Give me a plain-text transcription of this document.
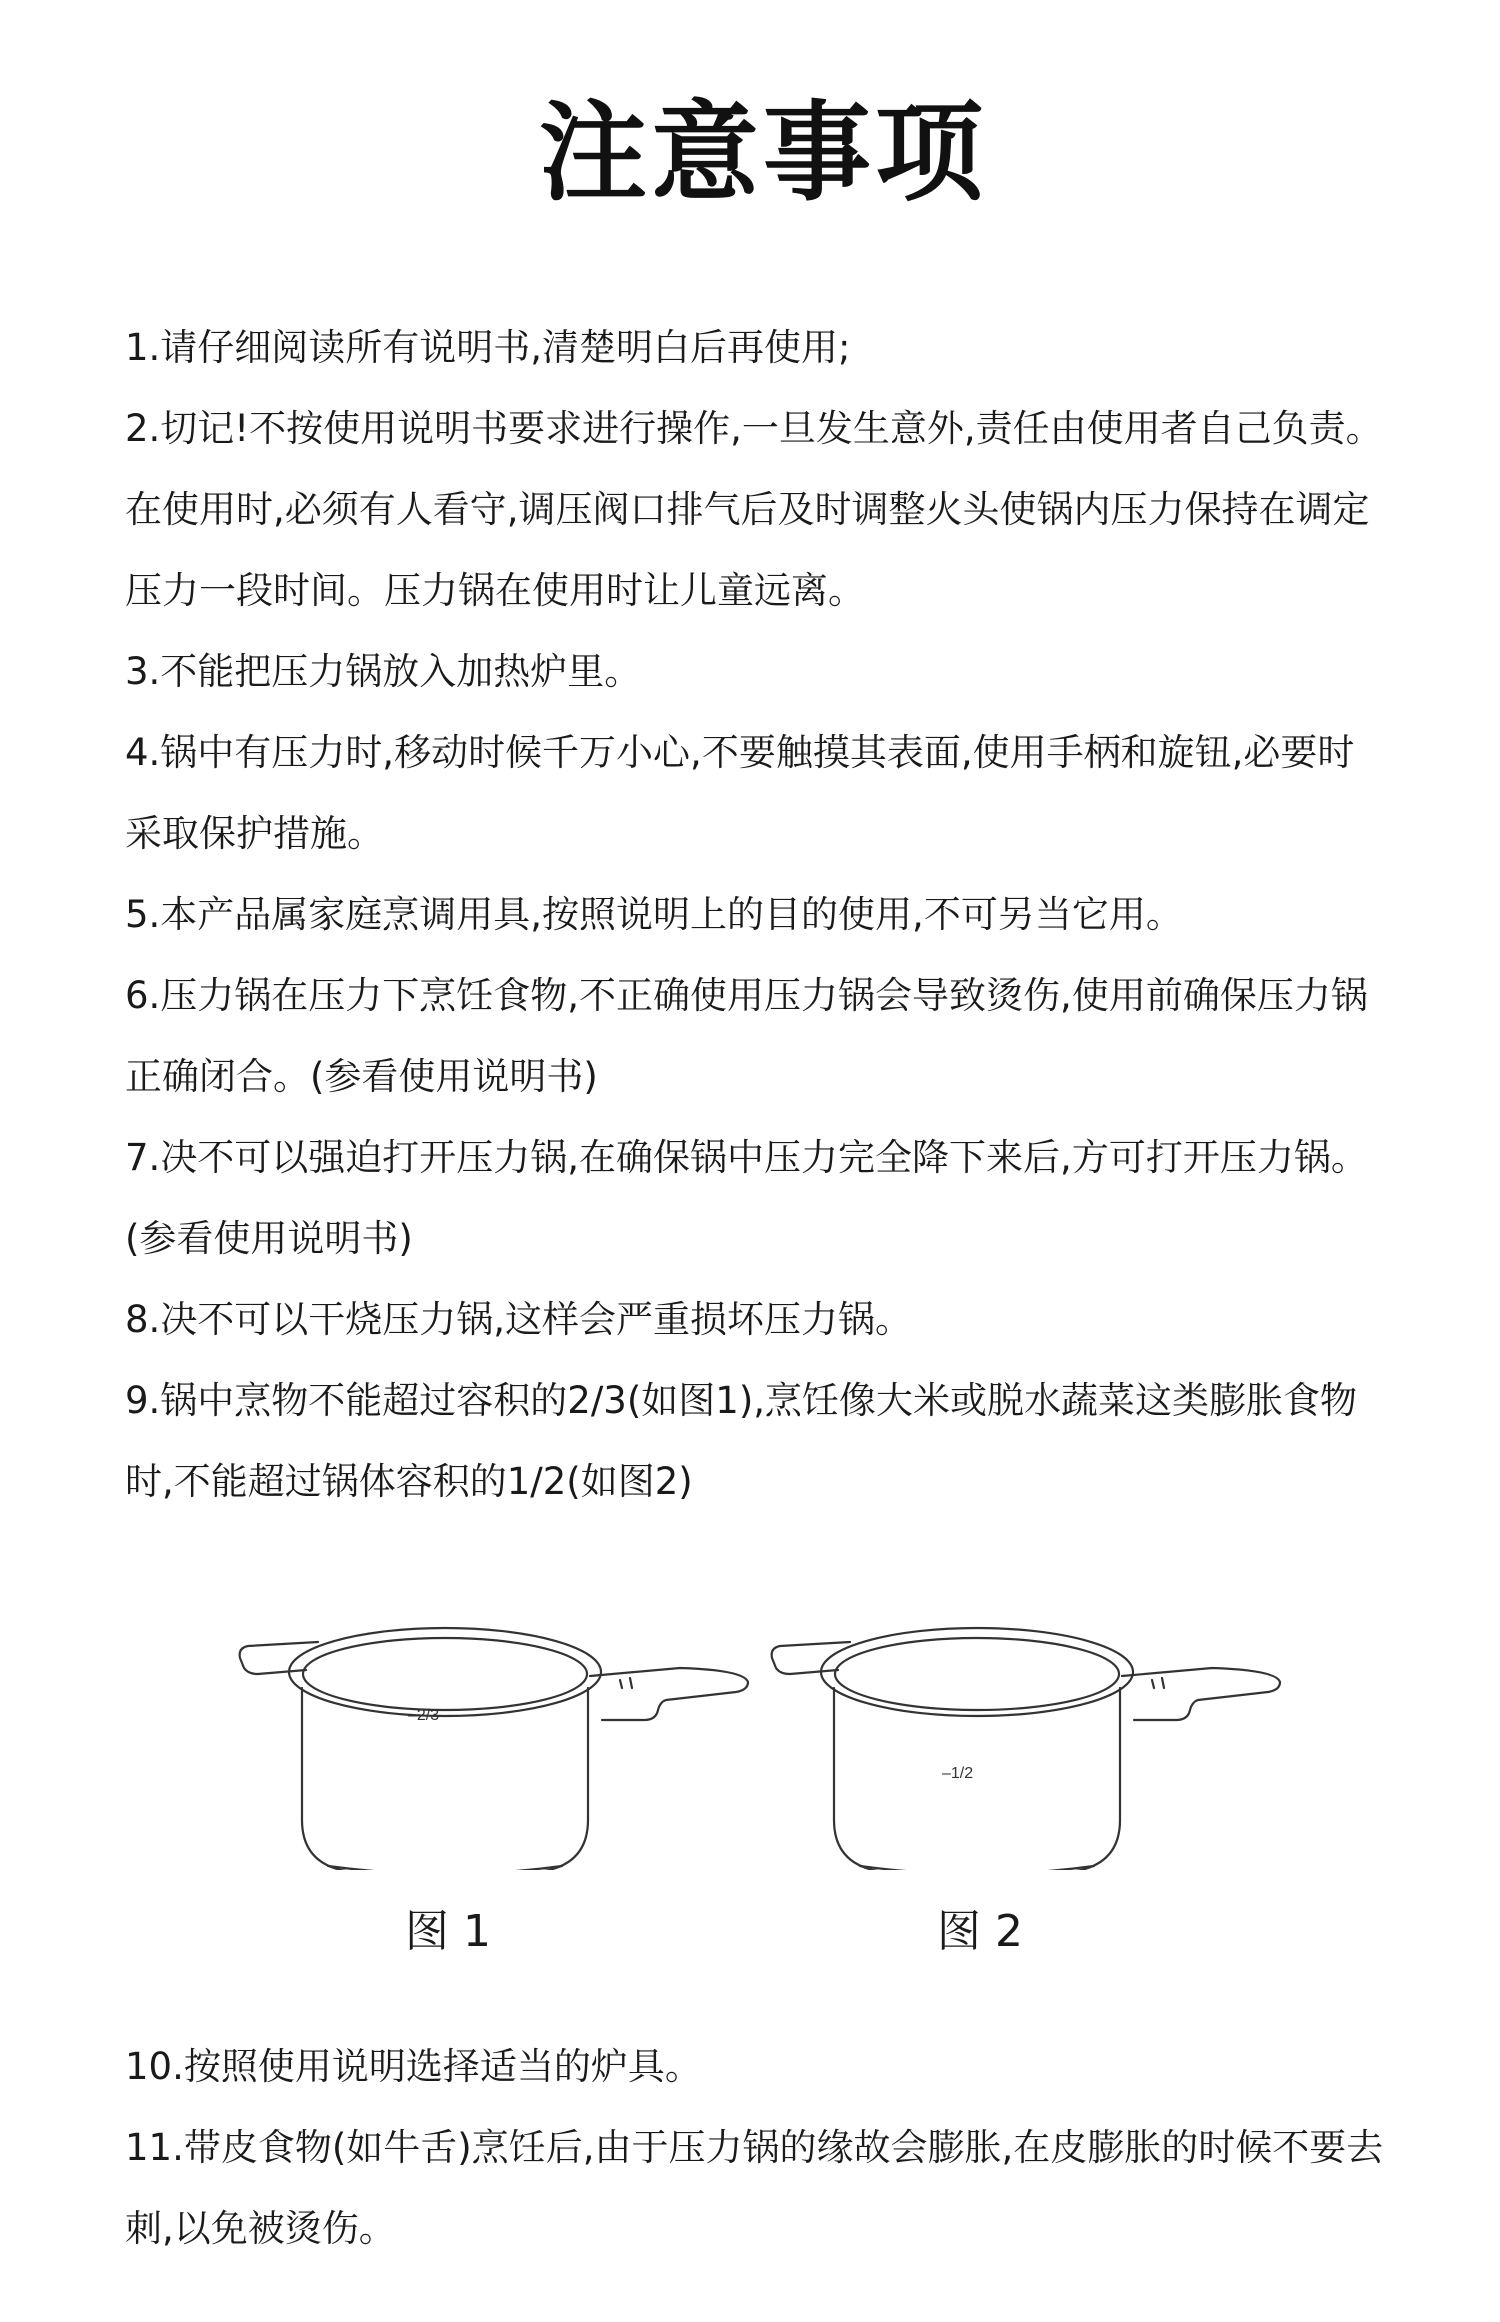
注意事项
1.请仔细阅读所有说明书,清楚明白后再使用;
2.切记!不按使用说明书要求进行操作,一旦发生意外,责任由使用者自己负责。
在使用时,必须有人看守,调压阀口排气后及时调整火头使锅内压力保持在调定
压力一段时间。压力锅在使用时让儿童远离。
3.不能把压力锅放入加热炉里。
4.锅中有压力时,移动时候千万小心,不要触摸其表面,使用手柄和旋钮,必要时
采取保护措施。
5.本产品属家庭烹调用具,按照说明上的目的使用,不可另当它用。
6.压力锅在压力下烹饪食物,不正确使用压力锅会导致烫伤,使用前确保压力锅
正确闭合。(参看使用说明书)
7.决不可以强迫打开压力锅,在确保锅中压力完全降下来后,方可打开压力锅。
(参看使用说明书)
8.决不可以干烧压力锅,这样会严重损坏压力锅。
9.锅中烹物不能超过容积的2/3(如图1),烹饪像大米或脱水蔬菜这类膨胀食物
时,不能超过锅体容积的1/2(如图2)
10.按照使用说明选择适当的炉具。
11.带皮食物(如牛舌)烹饪后,由于压力锅的缘故会膨胀,在皮膨胀的时候不要去
刺,以免被烫伤。
–2/3
图 1
–1/2
图 2
